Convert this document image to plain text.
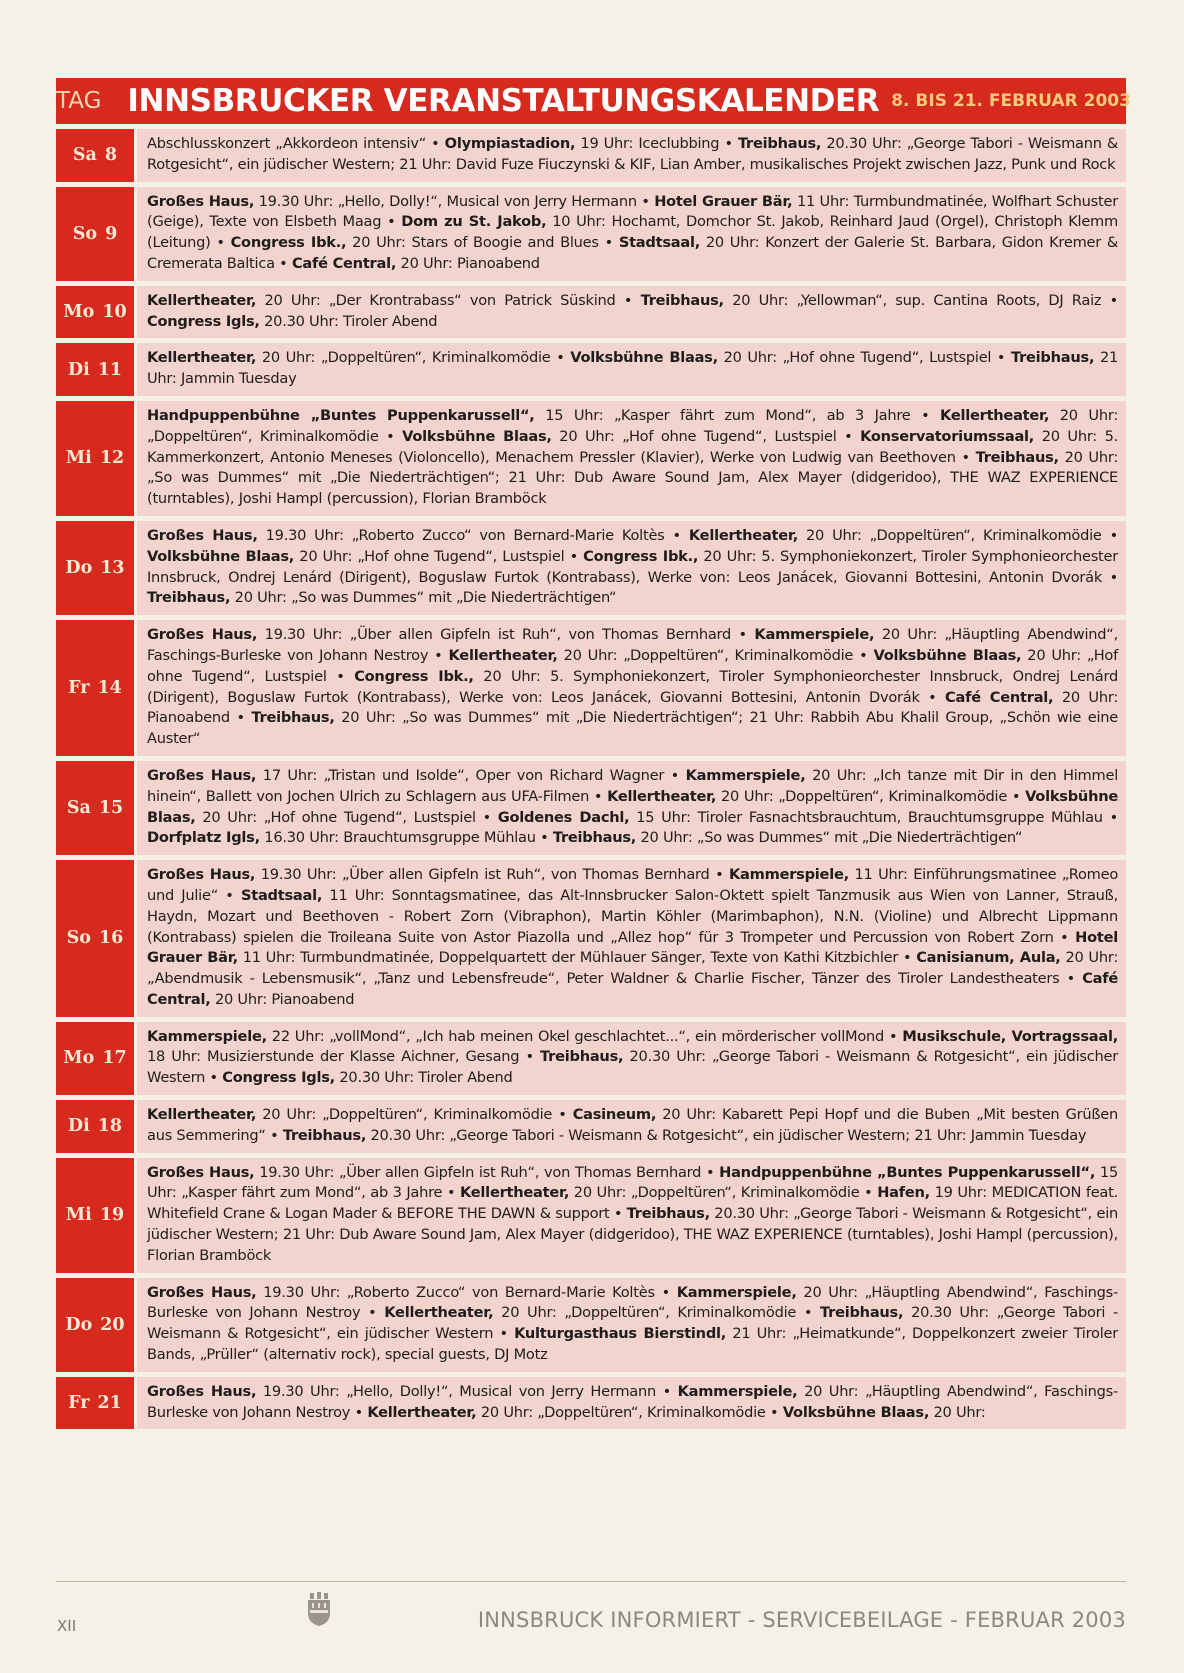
TAG INNSBRUCKER VERANSTALTUNGSKALENDER 8. BIS 21. FEBRUAR 2003
Sa 8
Abschlusskonzert „Akkordeon intensiv“ • Olympiastadion, 19 Uhr: Iceclubbing • Treibhaus, 20.30 Uhr: „George Tabori - Weismann & Rotgesicht“, ein jüdischer Western; 21 Uhr: David Fuze Fiuczynski & KIF, Lian Amber, musikalisches Projekt zwischen Jazz, Punk und Rock
So 9
Großes Haus, 19.30 Uhr: „Hello, Dolly!“, Musical von Jerry Hermann • Hotel Grauer Bär, 11 Uhr: Turmbundmatinée, Wolfhart Schuster (Geige), Texte von Elsbeth Maag • Dom zu St. Jakob, 10 Uhr: Hochamt, Domchor St. Jakob, Reinhard Jaud (Orgel), Christoph Klemm (Leitung) • Congress Ibk., 20 Uhr: Stars of Boogie and Blues • Stadtsaal, 20 Uhr: Konzert der Galerie St. Barbara, Gidon Kremer & Cremerata Baltica • Café Central, 20 Uhr: Pianoabend
Mo 10
Kellertheater, 20 Uhr: „Der Krontrabass“ von Patrick Süskind • Treibhaus, 20 Uhr: „Yellowman“, sup. Cantina Roots, DJ Raiz • Congress Igls, 20.30 Uhr: Tiroler Abend
Di 11
Kellertheater, 20 Uhr: „Doppeltüren“, Kriminalkomödie • Volksbühne Blaas, 20 Uhr: „Hof ohne Tugend“, Lustspiel • Treibhaus, 21 Uhr: Jammin Tuesday
Mi 12
Handpuppenbühne „Buntes Puppenkarussell“, 15 Uhr: „Kasper fährt zum Mond“, ab 3 Jahre • Kellertheater, 20 Uhr: „Doppeltüren“, Kriminalkomödie • Volksbühne Blaas, 20 Uhr: „Hof ohne Tugend“, Lustspiel • Konservatoriumssaal, 20 Uhr: 5. Kammerkonzert, Antonio Meneses (Violoncello), Menachem Pressler (Klavier), Werke von Ludwig van Beethoven • Treibhaus, 20 Uhr: „So was Dummes“ mit „Die Niederträchtigen“; 21 Uhr: Dub Aware Sound Jam, Alex Mayer (didgeridoo), THE WAZ EXPERIENCE (turntables), Joshi Hampl (percussion), Florian Bramböck
Do 13
Großes Haus, 19.30 Uhr: „Roberto Zucco“ von Bernard-Marie Koltès • Kellertheater, 20 Uhr: „Doppeltüren“, Kriminalkomödie • Volksbühne Blaas, 20 Uhr: „Hof ohne Tugend“, Lustspiel • Congress Ibk., 20 Uhr: 5. Symphoniekonzert, Tiroler Symphonieorchester Innsbruck, Ondrej Lenárd (Dirigent), Boguslaw Furtok (Kontrabass), Werke von: Leos Janácek, Giovanni Bottesini, Antonin Dvorák • Treibhaus, 20 Uhr: „So was Dummes“ mit „Die Niederträchtigen“
Fr 14
Großes Haus, 19.30 Uhr: „Über allen Gipfeln ist Ruh“, von Thomas Bernhard • Kammerspiele, 20 Uhr: „Häuptling Abendwind“, Faschings-Burleske von Johann Nestroy • Kellertheater, 20 Uhr: „Doppeltüren“, Kriminalkomödie • Volksbühne Blaas, 20 Uhr: „Hof ohne Tugend“, Lustspiel • Congress Ibk., 20 Uhr: 5. Symphoniekonzert, Tiroler Symphonieorchester Innsbruck, Ondrej Lenárd (Dirigent), Boguslaw Furtok (Kontrabass), Werke von: Leos Janácek, Giovanni Bottesini, Antonin Dvorák • Café Central, 20 Uhr: Pianoabend • Treibhaus, 20 Uhr: „So was Dummes“ mit „Die Niederträchtigen“; 21 Uhr: Rabbih Abu Khalil Group, „Schön wie eine Auster“
Sa 15
Großes Haus, 17 Uhr: „Tristan und Isolde“, Oper von Richard Wagner • Kammerspiele, 20 Uhr: „Ich tanze mit Dir in den Himmel hinein“, Ballett von Jochen Ulrich zu Schlagern aus UFA-Filmen • Kellertheater, 20 Uhr: „Doppeltüren“, Kriminalkomödie • Volksbühne Blaas, 20 Uhr: „Hof ohne Tugend“, Lustspiel • Goldenes Dachl, 15 Uhr: Tiroler Fasnachtsbrauchtum, Brauchtumsgruppe Mühlau • Dorfplatz Igls, 16.30 Uhr: Brauchtumsgruppe Mühlau • Treibhaus, 20 Uhr: „So was Dummes“ mit „Die Niederträchtigen“
So 16
Großes Haus, 19.30 Uhr: „Über allen Gipfeln ist Ruh“, von Thomas Bernhard • Kammerspiele, 11 Uhr: Einführungsmatinee „Romeo und Julie“ • Stadtsaal, 11 Uhr: Sonntagsmatinee, das Alt-Innsbrucker Salon-Oktett spielt Tanzmusik aus Wien von Lanner, Strauß, Haydn, Mozart und Beethoven - Robert Zorn (Vibraphon), Martin Köhler (Marimbaphon), N.N. (Violine) und Albrecht Lippmann (Kontrabass) spielen die Troileana Suite von Astor Piazolla und „Allez hop“ für 3 Trompeter und Percussion von Robert Zorn • Hotel Grauer Bär, 11 Uhr: Turmbundmatinée, Doppelquartett der Mühlauer Sänger, Texte von Kathi Kitzbichler • Canisianum, Aula, 20 Uhr: „Abendmusik - Lebensmusik“, „Tanz und Lebensfreude“, Peter Waldner & Charlie Fischer, Tänzer des Tiroler Landestheaters • Café Central, 20 Uhr: Pianoabend
Mo 17
Kammerspiele, 22 Uhr: „vollMond“, „Ich hab meinen Okel geschlachtet...“, ein mörderischer vollMond • Musikschule, Vortragssaal, 18 Uhr: Musizierstunde der Klasse Aichner, Gesang • Treibhaus, 20.30 Uhr: „George Tabori - Weismann & Rotgesicht“, ein jüdischer Western • Congress Igls, 20.30 Uhr: Tiroler Abend
Di 18
Kellertheater, 20 Uhr: „Doppeltüren“, Kriminalkomödie • Casineum, 20 Uhr: Kabarett Pepi Hopf und die Buben „Mit besten Grüßen aus Semmering“ • Treibhaus, 20.30 Uhr: „George Tabori - Weismann & Rotgesicht“, ein jüdischer Western; 21 Uhr: Jammin Tuesday
Mi 19
Großes Haus, 19.30 Uhr: „Über allen Gipfeln ist Ruh“, von Thomas Bernhard • Handpuppenbühne „Buntes Puppenkarussell“, 15 Uhr: „Kasper fährt zum Mond“, ab 3 Jahre • Kellertheater, 20 Uhr: „Doppeltüren“, Kriminalkomödie • Hafen, 19 Uhr: MEDICATION feat. Whitefield Crane & Logan Mader & BEFORE THE DAWN & support • Treibhaus, 20.30 Uhr: „George Tabori - Weismann & Rotgesicht“, ein jüdischer Western; 21 Uhr: Dub Aware Sound Jam, Alex Mayer (didgeridoo), THE WAZ EXPERIENCE (turntables), Joshi Hampl (percussion), Florian Bramböck
Do 20
Großes Haus, 19.30 Uhr: „Roberto Zucco“ von Bernard-Marie Koltès • Kammerspiele, 20 Uhr: „Häuptling Abendwind“, Faschings-Burleske von Johann Nestroy • Kellertheater, 20 Uhr: „Doppeltüren“, Kriminalkomödie • Treibhaus, 20.30 Uhr: „George Tabori - Weismann & Rotgesicht“, ein jüdischer Western • Kulturgasthaus Bierstindl, 21 Uhr: „Heimatkunde“, Doppelkonzert zweier Tiroler Bands, „Prüller“ (alternativ rock), special guests, DJ Motz
Fr 21
Großes Haus, 19.30 Uhr: „Hello, Dolly!“, Musical von Jerry Hermann • Kammerspiele, 20 Uhr: „Häuptling Abendwind“, Faschings-Burleske von Johann Nestroy • Kellertheater, 20 Uhr: „Doppeltüren“, Kriminalkomödie • Volksbühne Blaas, 20 Uhr:
XII	INNSBRUCK INFORMIERT - SERVICEBEILAGE - FEBRUAR 2003
